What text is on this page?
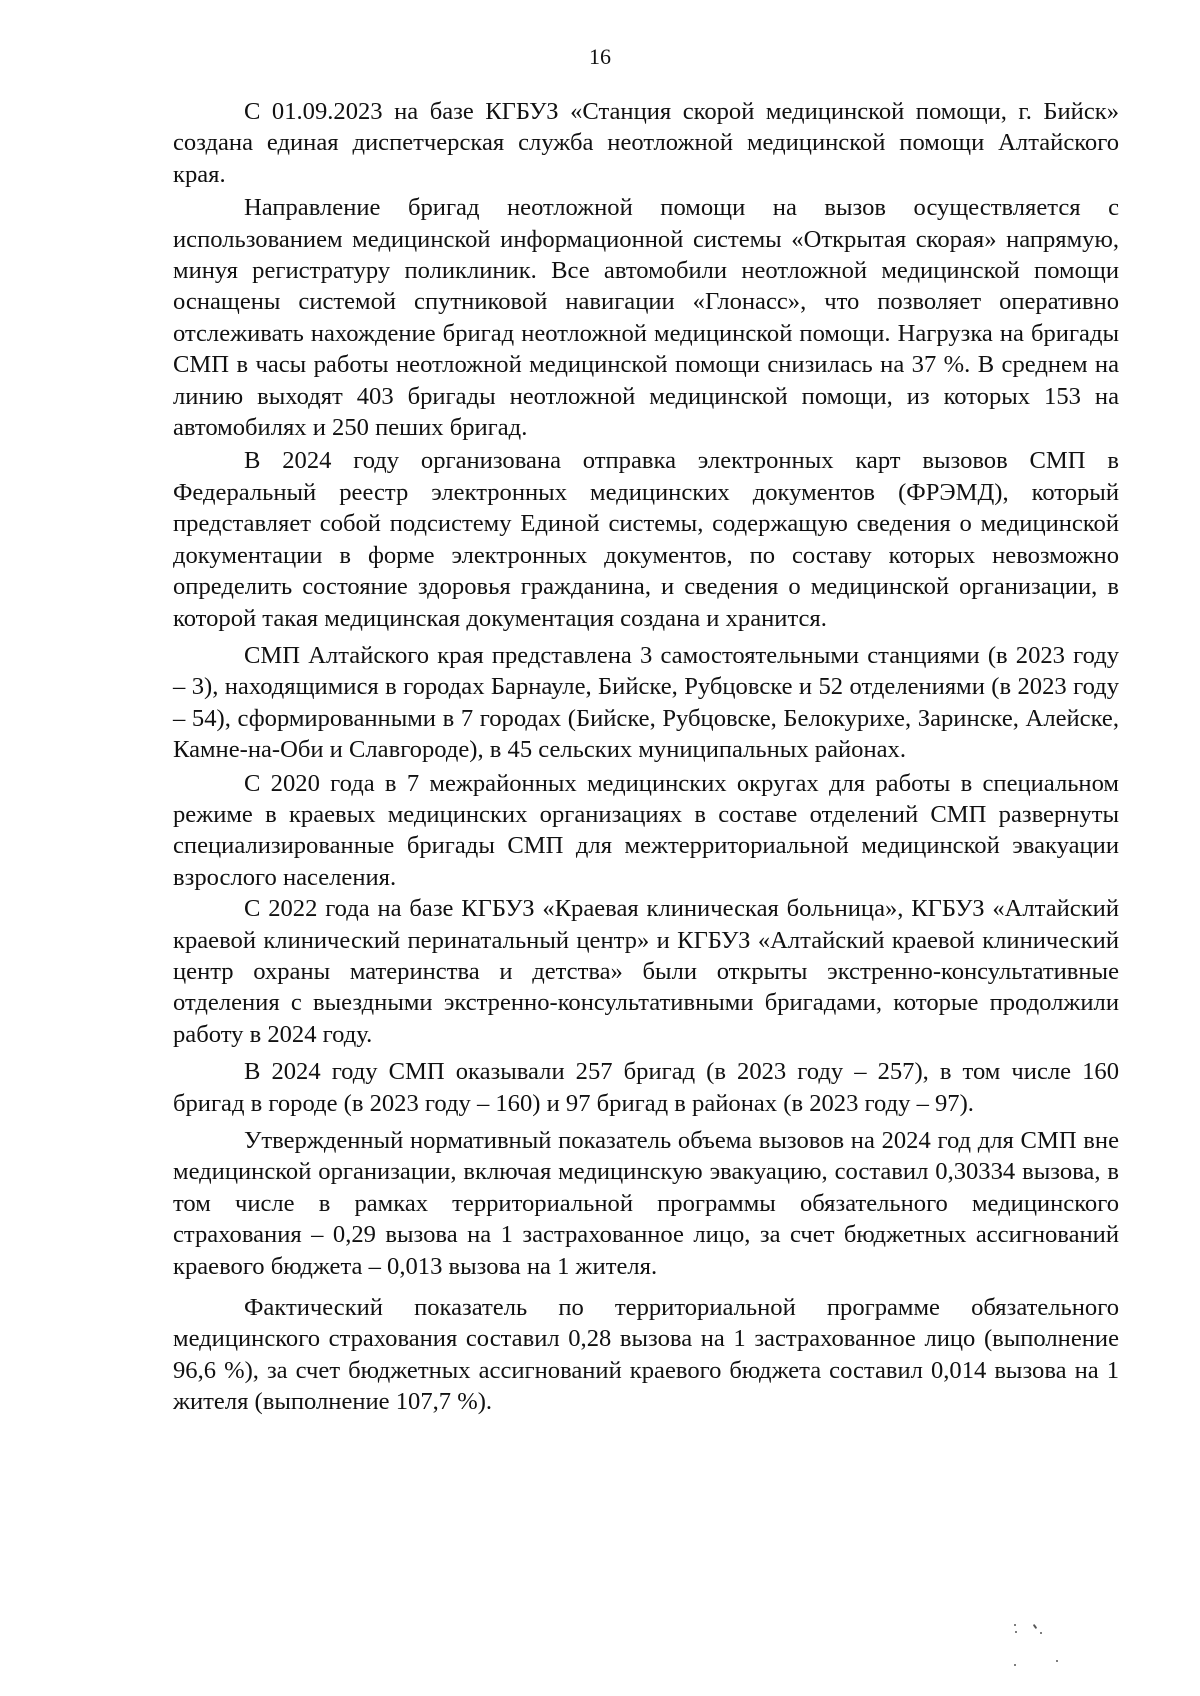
16

С 01.09.2023 на базе КГБУЗ «Станция скорой медицинской помощи, г. Бийск» создана единая диспетчерская служба неотложной медицинской помощи Алтайского края.

Направление бригад неотложной помощи на вызов осуществляется с использованием медицинской информационной системы «Открытая скорая» напрямую, минуя регистратуру поликлиник. Все автомобили неотложной медицинской помощи оснащены системой спутниковой навигации «Глонасс», что позволяет оперативно отслеживать нахождение бригад неотложной медицинской помощи. Нагрузка на бригады СМП в часы работы неотложной медицинской помощи снизилась на 37 %. В среднем на линию выходят 403 бригады неотложной медицинской помощи, из которых 153 на автомобилях и 250 пеших бригад.

В 2024 году организована отправка электронных карт вызовов СМП в Федеральный реестр электронных медицинских документов (ФРЭМД), который представляет собой подсистему Единой системы, содержащую сведения о медицинской документации в форме электронных документов, по составу которых невозможно определить состояние здоровья гражданина, и сведения о медицинской организации, в которой такая медицинская документация создана и хранится.

СМП Алтайского края представлена 3 самостоятельными станциями (в 2023 году – 3), находящимися в городах Барнауле, Бийске, Рубцовске и 52 отделениями (в 2023 году – 54), сформированными в 7 городах (Бийске, Рубцовске, Белокурихе, Заринске, Алейске, Камне-на-Оби и Славгороде), в 45 сельских муниципальных районах.

С 2020 года в 7 межрайонных медицинских округах для работы в специальном режиме в краевых медицинских организациях в составе отделений СМП развернуты специализированные бригады СМП для межтерриториальной медицинской эвакуации взрослого населения.

С 2022 года на базе КГБУЗ «Краевая клиническая больница», КГБУЗ «Алтайский краевой клинический перинатальный центр» и КГБУЗ «Алтайский краевой клинический центр охраны материнства и детства» были открыты экстренно-консультативные отделения с выездными экстренно-консультативными бригадами, которые продолжили работу в 2024 году.

В 2024 году СМП оказывали 257 бригад (в 2023 году – 257), в том числе 160 бригад в городе (в 2023 году – 160) и 97 бригад в районах (в 2023 году – 97).

Утвержденный нормативный показатель объема вызовов на 2024 год для СМП вне медицинской организации, включая медицинскую эвакуацию, составил 0,30334 вызова, в том числе в рамках территориальной программы обязательного медицинского страхования – 0,29 вызова на 1 застрахованное лицо, за счет бюджетных ассигнований краевого бюджета – 0,013 вызова на 1 жителя.

Фактический показатель по территориальной программе обязательного медицинского страхования составил 0,28 вызова на 1 застрахованное лицо (выполнение 96,6 %), за счет бюджетных ассигнований краевого бюджета составил 0,014 вызова на 1 жителя (выполнение 107,7 %).
